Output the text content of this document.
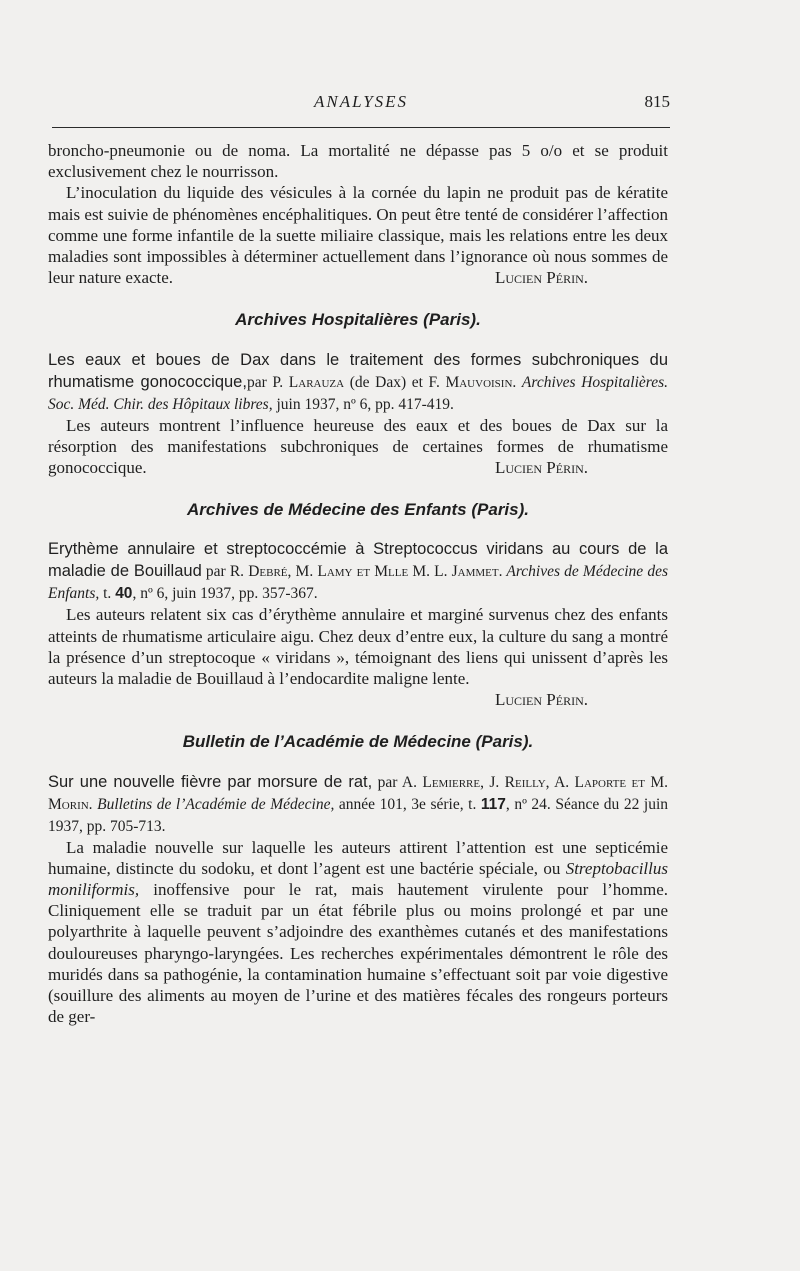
ANALYSES	815

broncho-pneumonie ou de noma. La mortalité ne dépasse pas 5 o/o et se produit exclusivement chez le nourrisson.

L’inoculation du liquide des vésicules à la cornée du lapin ne produit pas de kératite mais est suivie de phénomènes encéphalitiques. On peut être tenté de considérer l’affection comme une forme infantile de la suette miliaire classique, mais les relations entre les deux maladies sont impossibles à déterminer actuellement dans l’ignorance où nous sommes de leur nature exacte.	Lucien Périn.

Archives Hospitalières (Paris).

Les eaux et boues de Dax dans le traitement des formes subchroniques du rhumatisme gonococcique,par P. Larauza (de Dax) et F. Mauvoisin. Archives Hospitalières. Soc. Méd. Chir. des Hôpitaux libres, juin 1937, nº 6, pp. 417-419.

Les auteurs montrent l’influence heureuse des eaux et des boues de Dax sur la résorption des manifestations subchroniques de certaines formes de rhumatisme gonococcique.	Lucien Périn.

Archives de Médecine des Enfants (Paris).

Erythème annulaire et streptococcémie à Streptococcus viridans au cours de la maladie de Bouillaud par R. Debré, M. Lamy et Mlle M. L. Jammet. Archives de Médecine des Enfants, t. 40, nº 6, juin 1937, pp. 357-367.

Les auteurs relatent six cas d’érythème annulaire et marginé survenus chez des enfants atteints de rhumatisme articulaire aigu. Chez deux d’entre eux, la culture du sang a montré la présence d’un streptocoque « viridans », témoignant des liens qui unissent d’après les auteurs la maladie de Bouillaud à l’endocardite maligne lente.

Lucien Périn.
Bulletin de l’Académie de Médecine (Paris).

Sur une nouvelle fièvre par morsure de rat, par A. Lemierre, J. Reilly, A. Laporte et M. Morin. Bulletins de l’Académie de Médecine, année 101, 3e série, t. 117, nº 24. Séance du 22 juin 1937, pp. 705-713.

La maladie nouvelle sur laquelle les auteurs attirent l’attention est une septicémie humaine, distincte du sodoku, et dont l’agent est une bactérie spéciale, ou Streptobacillus moniliformis, inoffensive pour le rat, mais hautement virulente pour l’homme. Cliniquement elle se traduit par un état fébrile plus ou moins prolongé et par une polyarthrite à laquelle peuvent s’adjoindre des exanthèmes cutanés et des manifestations douloureuses pharyngo-laryngées. Les recherches expérimentales démontrent le rôle des muridés dans sa pathogénie, la contamination humaine s’effectuant soit par voie digestive (souillure des aliments au moyen de l’urine et des matières fécales des rongeurs porteurs de ger-
